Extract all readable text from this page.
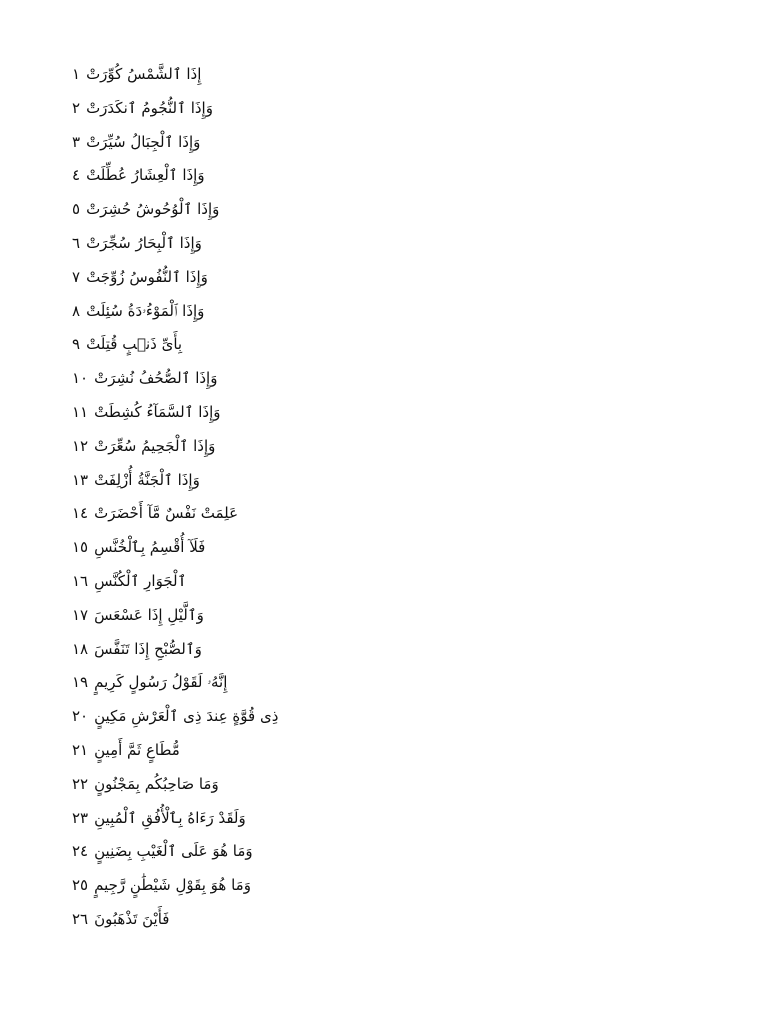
إِذَا ٱلشَّمْسُ كُوِّرَتْ١
وَإِذَا ٱلنُّجُومُ ٱنكَدَرَتْ٢
وَإِذَا ٱلْجِبَالُ سُيِّرَتْ٣
وَإِذَا ٱلْعِشَارُ عُطِّلَتْ٤
وَإِذَا ٱلْوُحُوشُ حُشِرَتْ٥
وَإِذَا ٱلْبِحَارُ سُجِّرَتْ٦
وَإِذَا ٱلنُّفُوسُ زُوِّجَتْ٧
وَإِذَا ٱلْمَوْءُۥدَةُ سُئِلَتْ٨
بِأَىِّ ذَنۢبٍ قُتِلَتْ٩
وَإِذَا ٱلصُّحُفُ نُشِرَتْ١٠
وَإِذَا ٱلسَّمَآءُ كُشِطَتْ١١
وَإِذَا ٱلْجَحِيمُ سُعِّرَتْ١٢
وَإِذَا ٱلْجَنَّةُ أُزْلِفَتْ١٣
عَلِمَتْ نَفْسٌ مَّآ أَحْضَرَتْ١٤
فَلَآ أُقْسِمُ بِٱلْخُنَّسِ١٥
ٱلْجَوَارِ ٱلْكُنَّسِ١٦
وَٱلَّيْلِ إِذَا عَسْعَسَ١٧
وَٱلصُّبْحِ إِذَا تَنَفَّسَ١٨
إِنَّهُۥ لَقَوْلُ رَسُولٍ كَرِيمٍ١٩
ذِى قُوَّةٍ عِندَ ذِى ٱلْعَرْشِ مَكِينٍ٢٠
مُّطَاعٍ ثَمَّ أَمِينٍ٢١
وَمَا صَاحِبُكُم بِمَجْنُونٍ٢٢
وَلَقَدْ رَءَاهُ بِٱلْأُفُقِ ٱلْمُبِينِ٢٣
وَمَا هُوَ عَلَى ٱلْغَيْبِ بِضَنِينٍ٢٤
وَمَا هُوَ بِقَوْلِ شَيْطَٰنٍ رَّجِيمٍ٢٥
فَأَيْنَ تَذْهَبُونَ٢٦
